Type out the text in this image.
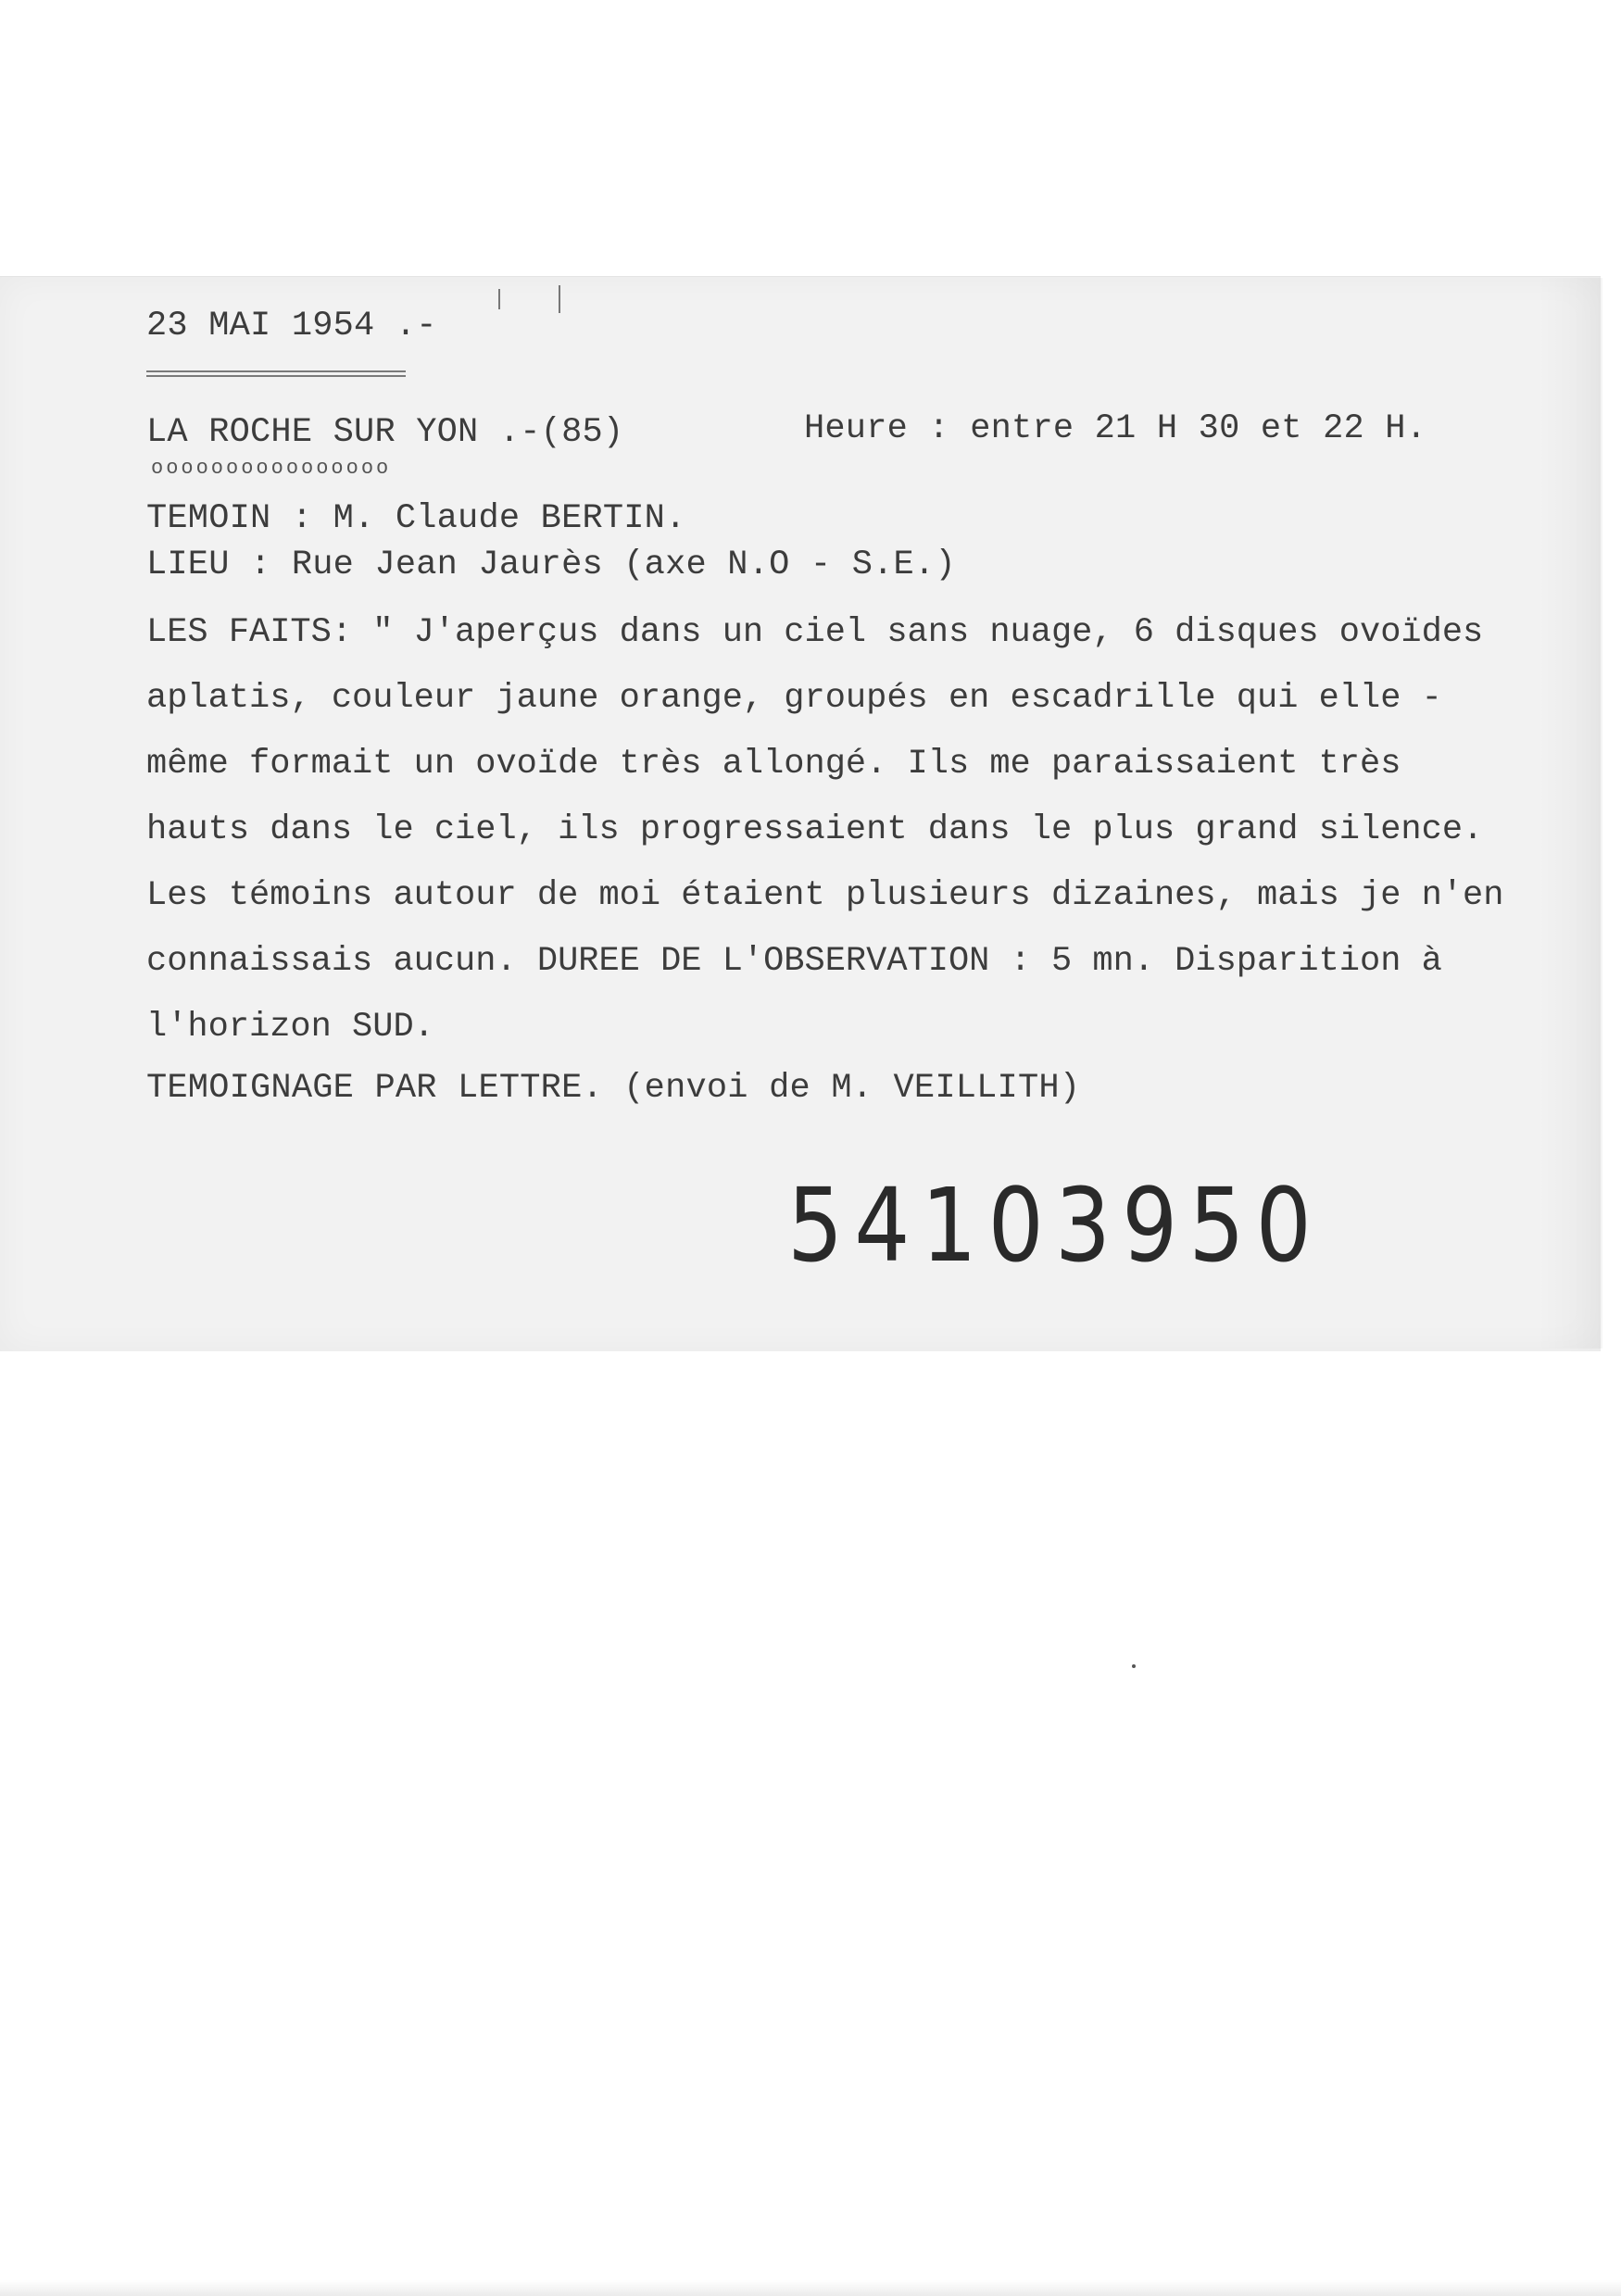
23 MAI 1954 .-
LA ROCHE SUR YON .-(85)	Heure : entre 21 H 30 et 22 H.
oooooooooooooooo
TEMOIN : M. Claude BERTIN.
LIEU : Rue Jean Jaurès (axe N.O - S.E.)
LES FAITS: " J'aperçus dans un ciel sans nuage, 6 disques ovoïdes
aplatis, couleur jaune orange, groupés en escadrille qui elle -
même formait un ovoïde très allongé. Ils me paraissaient très
hauts dans le ciel, ils progressaient dans le plus grand silence.
Les témoins autour de moi étaient plusieurs dizaines, mais je n'en
connaissais aucun. DUREE DE L'OBSERVATION : 5 mn. Disparition à
l'horizon SUD.
TEMOIGNAGE PAR LETTRE. (envoi de M. VEILLITH)
54103950
